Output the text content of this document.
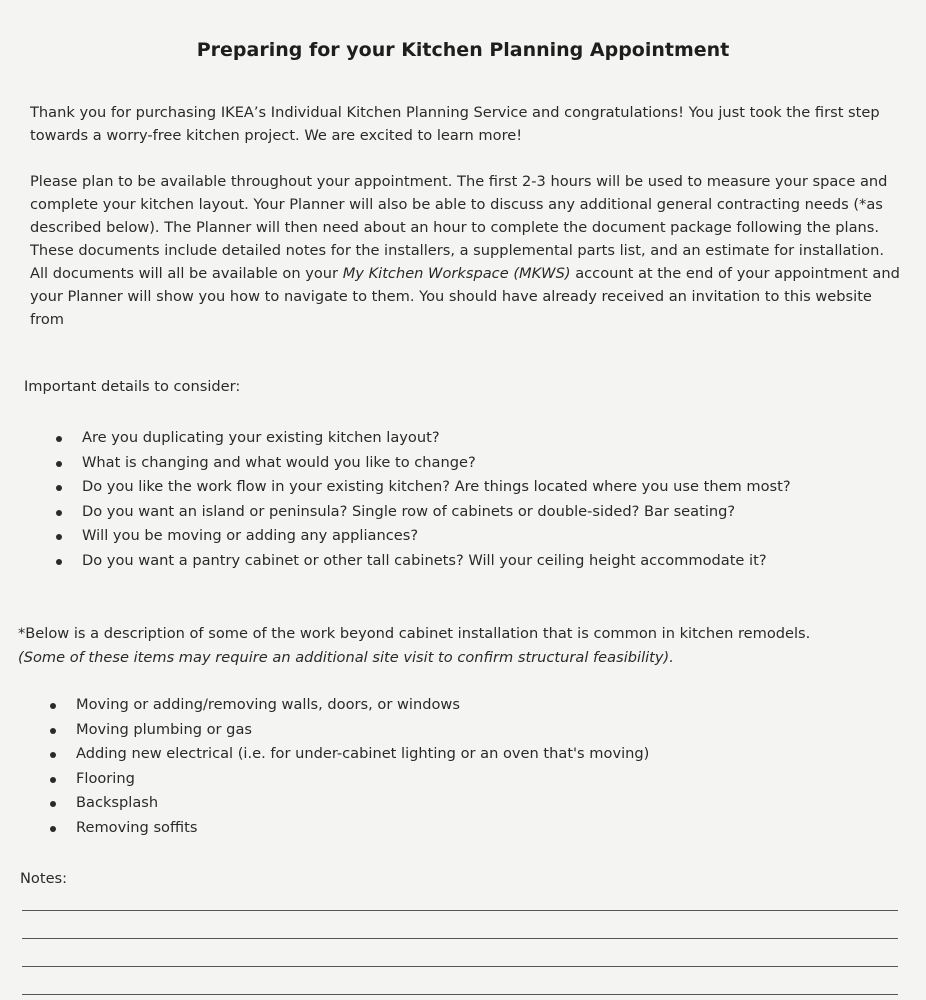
Preparing for your Kitchen Planning Appointment

Thank you for purchasing IKEA’s Individual Kitchen Planning Service and congratulations! You just took the first step towards a worry-free kitchen project. We are excited to learn more!

Please plan to be available throughout your appointment. The first 2-3 hours will be used to measure your space and complete your kitchen layout. Your Planner will also be able to discuss any additional general contracting needs (*as described below). The Planner will then need about an hour to complete the document package following the plans. These documents include detailed notes for the installers, a supplemental parts list, and an estimate for installation. All documents will all be available on your My Kitchen Workspace (MKWS) account at the end of your appointment and your Planner will show you how to navigate to them. You should have already received an invitation to this website from

Important details to consider:

Are you duplicating your existing kitchen layout?
What is changing and what would you like to change?
Do you like the work flow in your existing kitchen? Are things located where you use them most?
Do you want an island or peninsula? Single row of cabinets or double-sided? Bar seating?
Will you be moving or adding any appliances?
Do you want a pantry cabinet or other tall cabinets? Will your ceiling height accommodate it?

*Below is a description of some of the work beyond cabinet installation that is common in kitchen remodels.
(Some of these items may require an additional site visit to confirm structural feasibility).

Moving or adding/removing walls, doors, or windows
Moving plumbing or gas
Adding new electrical (i.e. for under-cabinet lighting or an oven that's moving)
Flooring
Backsplash
Removing soffits

Notes:
